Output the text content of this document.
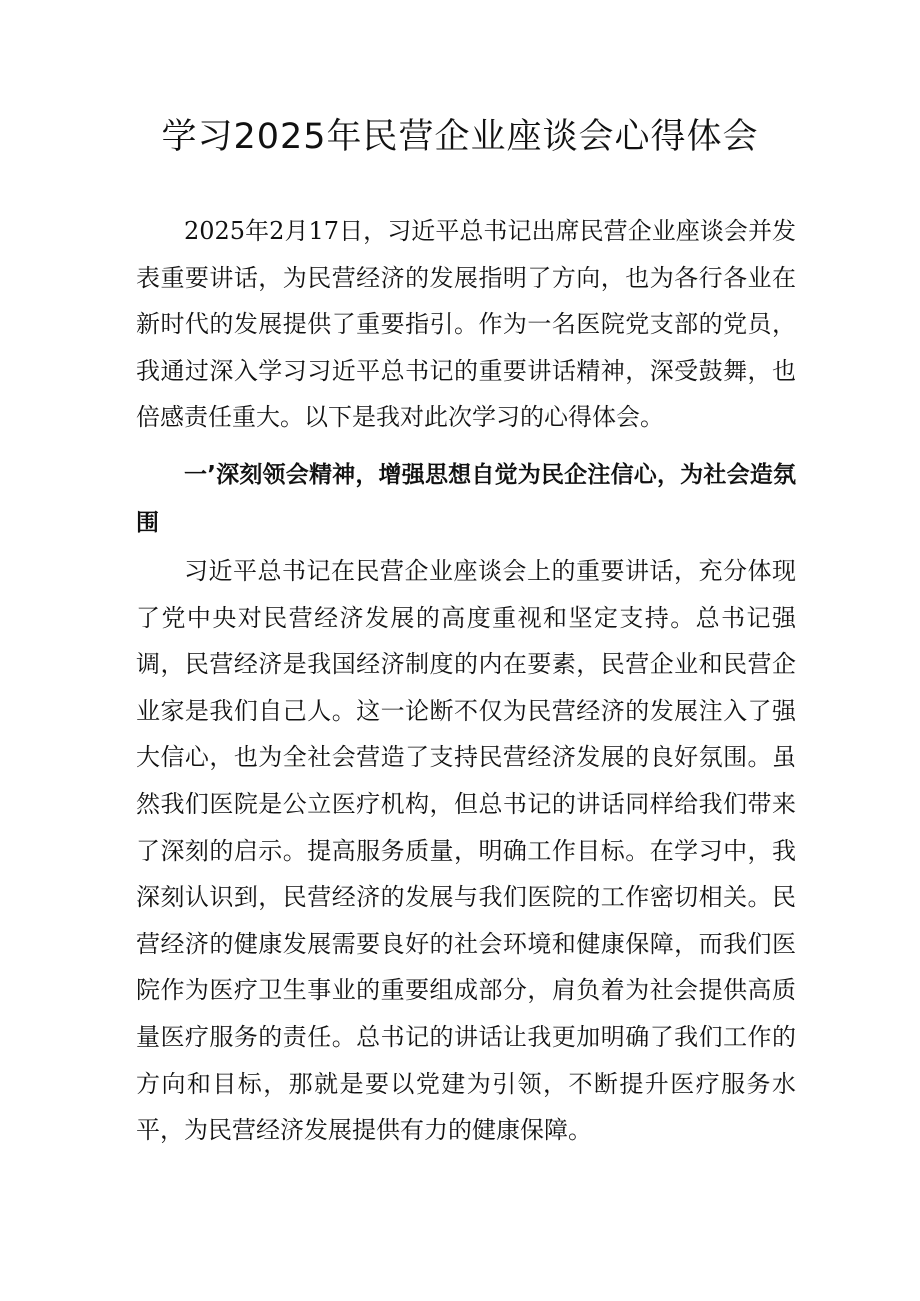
学习2025年民营企业座谈会心得体会

2025年2月17日，习近平总书记出席民营企业座谈会并发表重要讲话，为民营经济的发展指明了方向，也为各行各业在新时代的发展提供了重要指引。作为一名医院党支部的党员，我通过深入学习习近平总书记的重要讲话精神，深受鼓舞，也倍感责任重大。以下是我对此次学习的心得体会。

一’深刻领会精神，增强思想自觉为民企注信心，为社会造氛围

习近平总书记在民营企业座谈会上的重要讲话，充分体现了党中央对民营经济发展的高度重视和坚定支持。总书记强调，民营经济是我国经济制度的内在要素，民营企业和民营企业家是我们自己人。这一论断不仅为民营经济的发展注入了强大信心，也为全社会营造了支持民营经济发展的良好氛围。虽然我们医院是公立医疗机构，但总书记的讲话同样给我们带来了深刻的启示。提高服务质量，明确工作目标。在学习中，我深刻认识到，民营经济的发展与我们医院的工作密切相关。民营经济的健康发展需要良好的社会环境和健康保障，而我们医院作为医疗卫生事业的重要组成部分，肩负着为社会提供高质量医疗服务的责任。总书记的讲话让我更加明确了我们工作的方向和目标，那就是要以党建为引领，不断提升医疗服务水平，为民营经济发展提供有力的健康保障。
